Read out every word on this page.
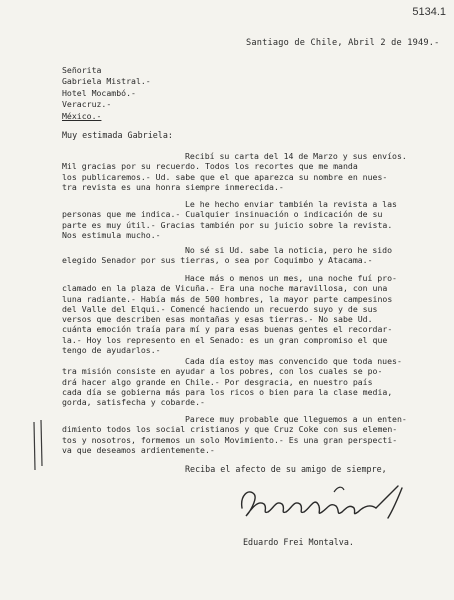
5134.1
Santiago de Chile, Abril 2 de 1949.-
Señorita
Gabriela Mistral.-
Hotel Mocambó.-
Veracruz.-
México.-
Muy estimada Gabriela:
Recibí su carta del 14 de Marzo y sus envíos.
Mil gracias por su recuerdo. Todos los recortes que me manda
los publicaremos.- Ud. sabe que el que aparezca su nombre en nues-
tra revista es una honra siempre inmerecida.-
Le he hecho enviar también la revista a las
personas que me indica.- Cualquier insinuación o indicación de su
parte es muy útil.- Gracias también por su juicio sobre la revista.
Nos estimula mucho.-
No sé si Ud. sabe la noticia, pero he sido
elegido Senador por sus tierras, o sea por Coquimbo y Atacama.-
Hace más o menos un mes, una noche fuí pro-
clamado en la plaza de Vicuña.- Era una noche maravillosa, con una
luna radiante.- Había más de 500 hombres, la mayor parte campesinos
del Valle del Elqui.- Comencé haciendo un recuerdo suyo y de sus
versos que describen esas montañas y esas tierras.- No sabe Ud.
cuánta emoción traía para mí y para esas buenas gentes el recordar-
la.- Hoy los represento en el Senado: es un gran compromiso el que
tengo de ayudarlos.-
Cada día estoy mas convencido que toda nues-
tra misión consiste en ayudar a los pobres, con los cuales se po-
drá hacer algo grande en Chile.- Por desgracia, en nuestro país
cada día se gobierna más para los ricos o bien para la clase media,
gorda, satisfecha y cobarde.-
Parece muy probable que lleguemos a un enten-
dimiento todos los social cristianos y que Cruz Coke con sus elemen-
tos y nosotros, formemos un solo Movimiento.- Es una gran perspecti-
va que deseamos ardientemente.-
Reciba el afecto de su amigo de siempre,
Eduardo Frei Montalva.
